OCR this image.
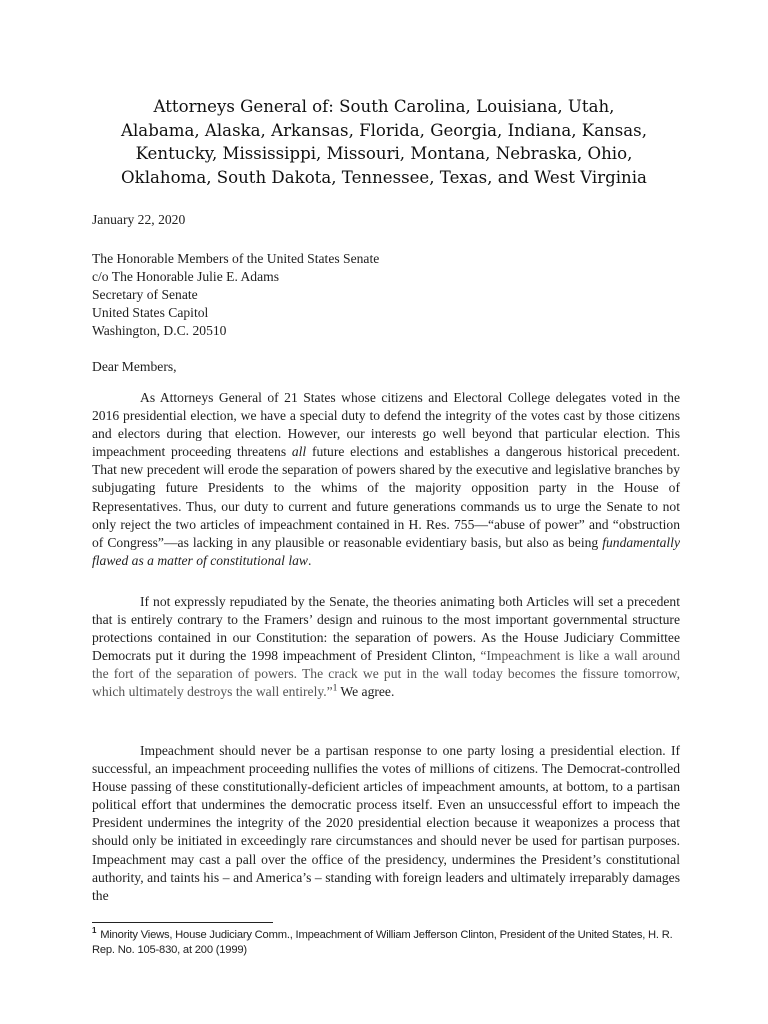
Attorneys General of: South Carolina, Louisiana, Utah,
Alabama, Alaska, Arkansas, Florida, Georgia, Indiana, Kansas,
Kentucky, Mississippi, Missouri, Montana, Nebraska, Ohio,
Oklahoma, South Dakota, Tennessee, Texas, and West Virginia
January 22, 2020
The Honorable Members of the United States Senate
c/o The Honorable Julie E. Adams
Secretary of Senate
United States Capitol
Washington, D.C. 20510
Dear Members,

As Attorneys General of 21 States whose citizens and Electoral College delegates voted in the 2016 presidential election, we have a special duty to defend the integrity of the votes cast by those citizens and electors during that election. However, our interests go well beyond that particular election. This impeachment proceeding threatens all future elections and establishes a dangerous historical precedent. That new precedent will erode the separation of powers shared by the executive and legislative branches by subjugating future Presidents to the whims of the majority opposition party in the House of Representatives. Thus, our duty to current and future generations commands us to urge the Senate to not only reject the two articles of impeachment contained in H. Res. 755—“abuse of power” and “obstruction of Congress”—as lacking in any plausible or reasonable evidentiary basis, but also as being fundamentally flawed as a matter of constitutional law.

If not expressly repudiated by the Senate, the theories animating both Articles will set a precedent that is entirely contrary to the Framers’ design and ruinous to the most important governmental structure protections contained in our Constitution: the separation of powers. As the House Judiciary Committee Democrats put it during the 1998 impeachment of President Clinton, “Impeachment is like a wall around the fort of the separation of powers. The crack we put in the wall today becomes the fissure tomorrow, which ultimately destroys the wall entirely.”$^1$ We agree.

Impeachment should never be a partisan response to one party losing a presidential election. If successful, an impeachment proceeding nullifies the votes of millions of citizens. The Democrat-controlled House passing of these constitutionally-deficient articles of impeachment amounts, at bottom, to a partisan political effort that undermines the democratic process itself. Even an unsuccessful effort to impeach the President undermines the integrity of the 2020 presidential election because it weaponizes a process that should only be initiated in exceedingly rare circumstances and should never be used for partisan purposes. Impeachment may cast a pall over the office of the presidency, undermines the President’s constitutional authority, and taints his – and America’s – standing with foreign leaders and ultimately irreparably damages the

$^1$ Minority Views, House Judiciary Comm., Impeachment of William Jefferson Clinton, President of the United States, H. R. Rep. No. 105-830, at 200 (1999)
